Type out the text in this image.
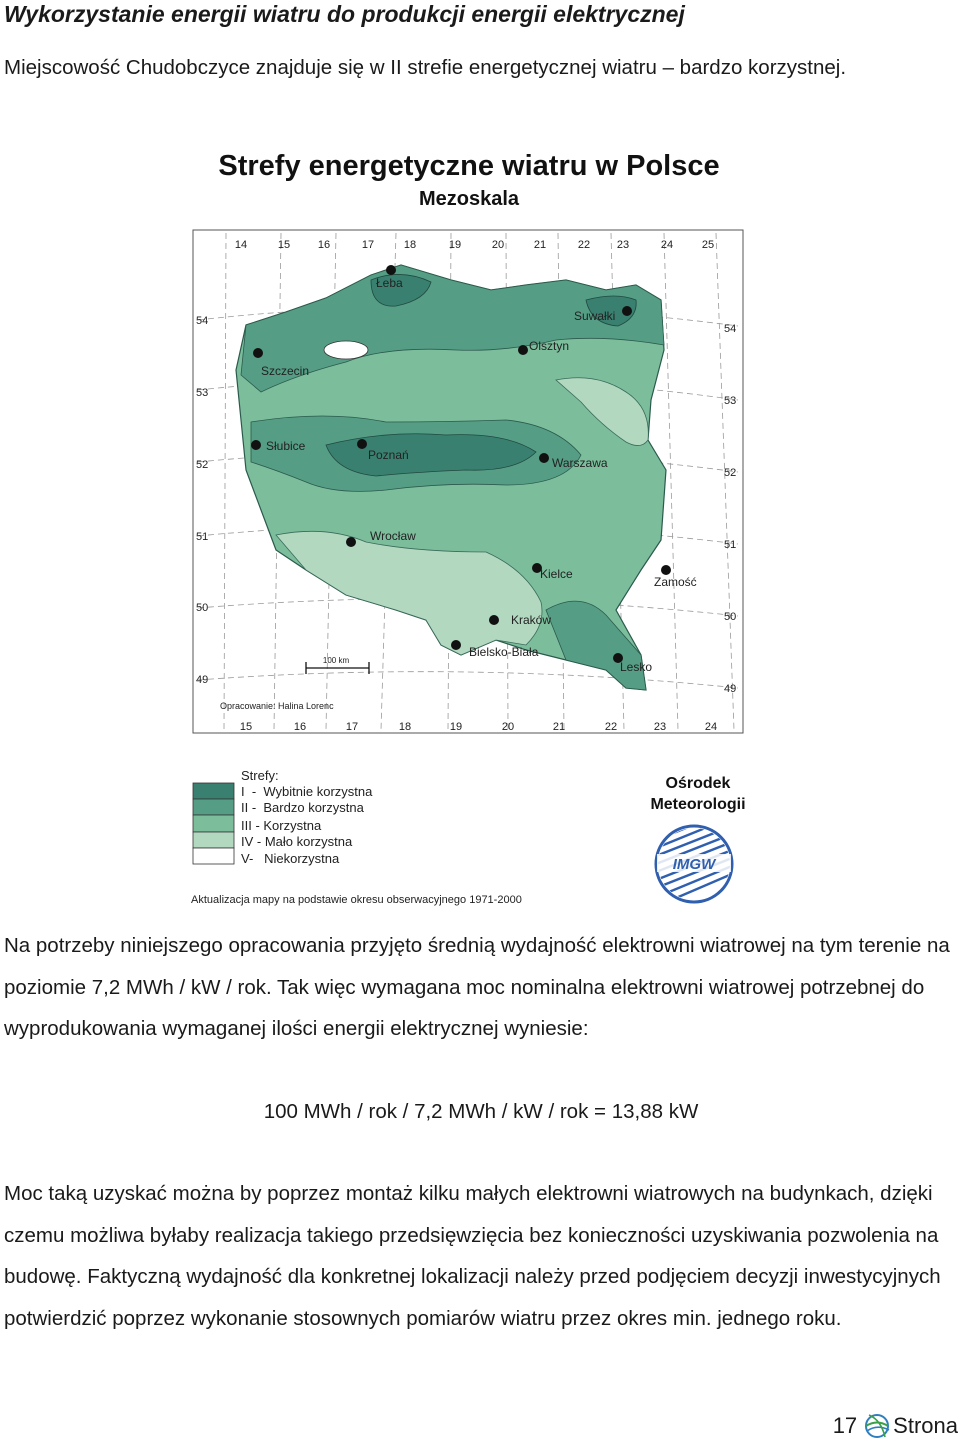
Wykorzystanie energii wiatru do produkcji energii elektrycznej

Miejscowość Chudobczyce znajduje się w II strefie energetycznej wiatru – bardzo korzystnej.

Strefy energetyczne wiatru w Polsce
Mezoskala
Łeba
Suwałki
Olsztyn
Szczecin
Słubice
Poznań
Warszawa
Wrocław
Kielce
Zamość
Kraków
Bielsko-Biała
Lesko
100 km
Opracowanie: Halina Lorenc
14	15	16	17	18	19	20	21	22 23	24	25
15	16	17	18	19	20	21	22	23	24
54
53
52
51
50
49
54
53
52
51
50
49
Strefy:
I  -  Wybitnie korzystna
II -  Bardzo korzystna
III - Korzystna
IV - Mało korzystna
V-   Niekorzystna
Ośrodek
Meteorologii
IMGW
Aktualizacja mapy na podstawie okresu obserwacyjnego 1971-2000

Na potrzeby niniejszego opracowania przyjęto średnią wydajność elektrowni wiatrowej na tym terenie na poziomie 7,2 MWh / kW / rok. Tak więc wymagana moc nominalna elektrowni wiatrowej potrzebnej do wyprodukowania wymaganej ilości energii elektrycznej wyniesie:

100 MWh / rok / 7,2 MWh / kW / rok = 13,88 kW

Moc taką uzyskać można by poprzez montaż kilku małych elektrowni wiatrowych na budynkach, dzięki czemu możliwa byłaby realizacja takiego przedsięwzięcia bez konieczności uzyskiwania pozwolenia na budowę. Faktyczną wydajność dla konkretnej lokalizacji należy przed podjęciem decyzji inwestycyjnych potwierdzić poprzez wykonanie stosownych pomiarów wiatru przez okres min. jednego roku.

17 Strona
